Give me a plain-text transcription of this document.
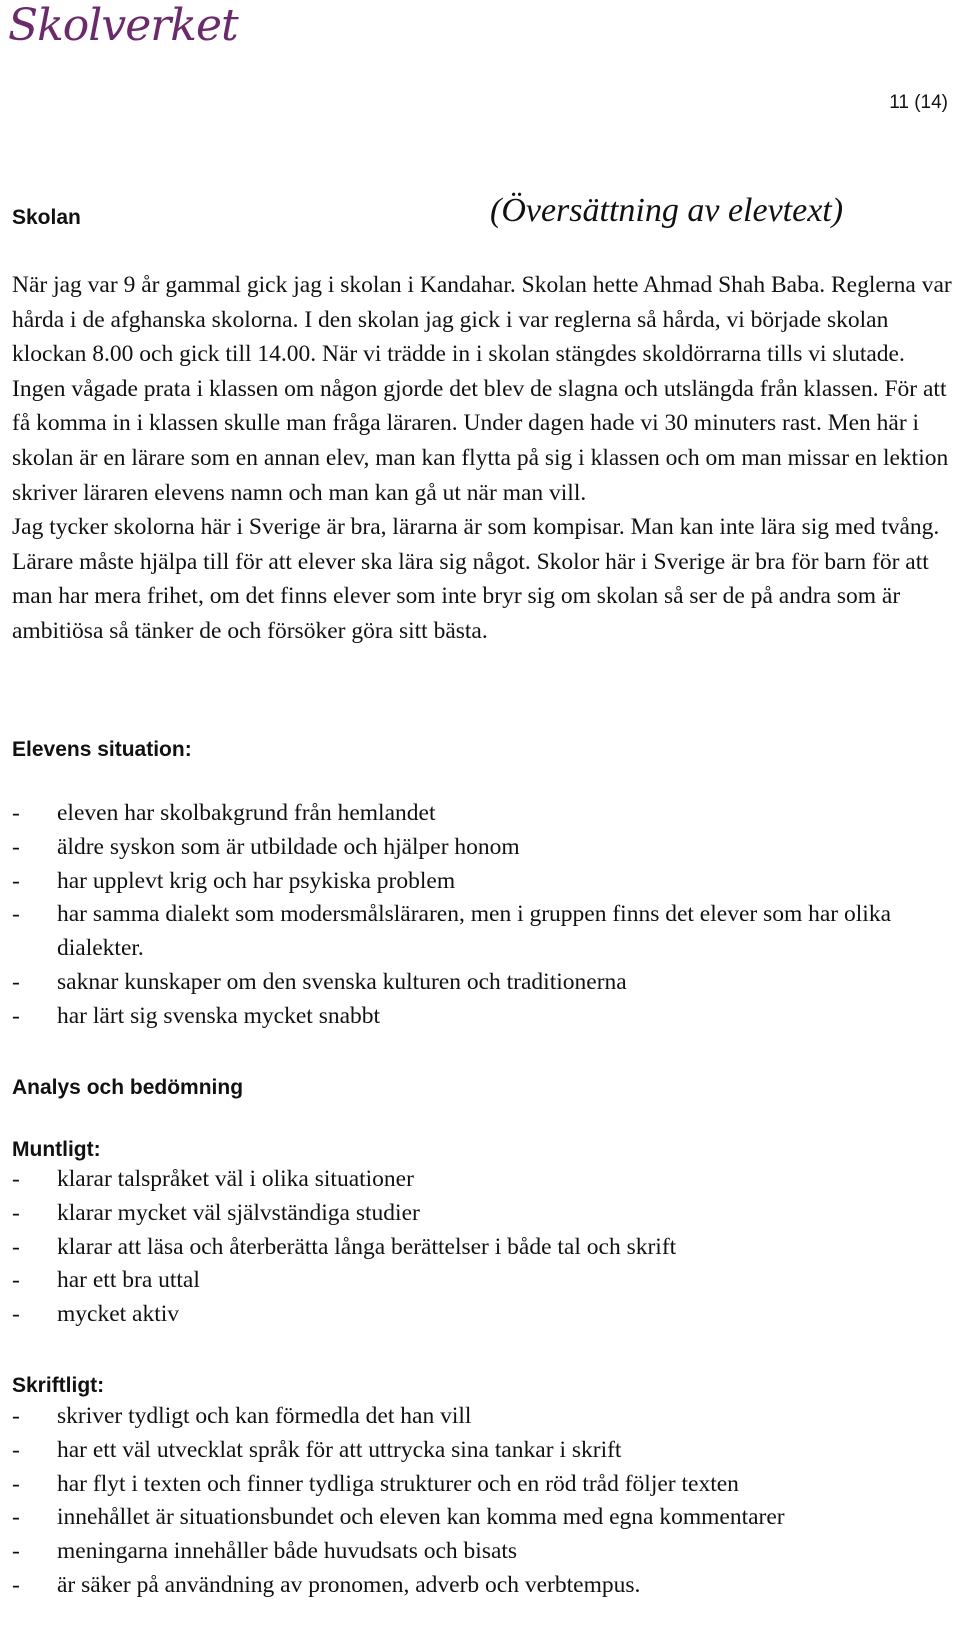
Skolverket
11 (14)
Skolan	(Översättning av elevtext)

När jag var 9 år gammal gick jag i skolan i Kandahar. Skolan hette Ahmad Shah Baba. Reglerna var hårda i de afghanska skolorna. I den skolan jag gick i var reglerna så hårda, vi började skolan klockan 8.00 och gick till 14.00. När vi trädde in i skolan stängdes skoldörrarna tills vi slutade. Ingen vågade prata i klassen om någon gjorde det blev de slagna och utslängda från klassen. För att få komma in i klassen skulle man fråga läraren. Under dagen hade vi 30 minuters rast. Men här i skolan är en lärare som en annan elev, man kan flytta på sig i klassen och om man missar en lektion skriver läraren elevens namn och man kan gå ut när man vill.

Jag tycker skolorna här i Sverige är bra, lärarna är som kompisar. Man kan inte lära sig med tvång. Lärare måste hjälpa till för att elever ska lära sig något. Skolor här i Sverige är bra för barn för att man har mera frihet, om det finns elever som inte bryr sig om skolan så ser de på andra som är ambitiösa så tänker de och försöker göra sitt bästa.

Elevens situation:
- eleven har skolbakgrund från hemlandet
- äldre syskon som är utbildade och hjälper honom
- har upplevt krig och har psykiska problem
- har samma dialekt som modersmålsläraren, men i gruppen finns det elever som har olika dialekter.
- saknar kunskaper om den svenska kulturen och traditionerna
- har lärt sig svenska mycket snabbt
Analys och bedömning
Muntligt:
- klarar talspråket väl i olika situationer
- klarar mycket väl självständiga studier
- klarar att läsa och återberätta långa berättelser i både tal och skrift
- har ett bra uttal
- mycket aktiv
Skriftligt:
- skriver tydligt och kan förmedla det han vill
- har ett väl utvecklat språk för att uttrycka sina tankar i skrift
- har flyt i texten och finner tydliga strukturer och en röd tråd följer texten
- innehållet är situationsbundet och eleven kan komma med egna kommentarer
- meningarna innehåller både huvudsats och bisats
- är säker på användning av pronomen, adverb och verbtempus.
